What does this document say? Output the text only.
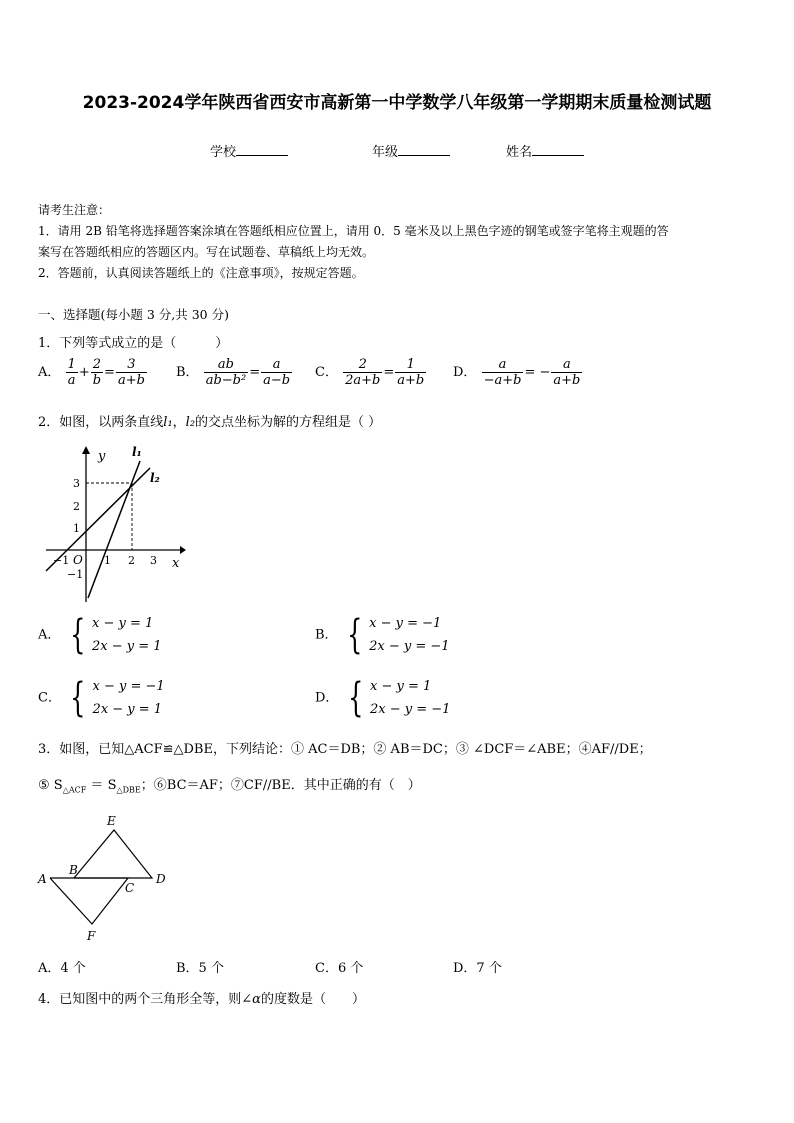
2023-2024学年陕西省西安市高新第一中学数学八年级第一学期期末质量检测试题
学校	年级	姓名
请考生注意：
1．请用 2B 铅笔将选择题答案涂填在答题纸相应位置上，请用 0．5 毫米及以上黑色字迹的钢笔或签字笔将主观题的答
案写在答题纸相应的答题区内。写在试题卷、草稿纸上均无效。
2．答题前，认真阅读答题纸上的《注意事项》，按规定答题。
一、选择题(每小题 3 分,共 30 分)
1．下列等式成立的是（　　　）
A． $\frac{1}{a} + \frac{2}{b} = \frac{3}{a+b}$ B． $\frac{ab}{\text{ab−b²}} = \frac{a}{a-b}$ C． $\frac{2}{2a+b} = \frac{1}{a+b}$ D． $\frac{a}{-a+b}$ = − $\frac{a}{a+b}$
2．如图，以两条直线l₁，l₂的交点坐标为解的方程组是（ ）
y
x
O
−1	1 2 3
3
2
1
−1
l₁
l₂
A． { x − y = 1
2x − y = 1
B． { x − y = −1
2x − y = −1
C． { x − y = −1
2x − y = 1
D． { x − y = 1
2x − y = −1
3．如图，已知△ACF≌△DBE，下列结论：① AC＝DB；② AB＝DC；③ ∠DCF＝∠ABE；④AF//DE；
⑤ $S_{\triangle ACF} = S_{\triangle DBE}$；⑥BC＝AF；⑦CF//BE．其中正确的有（　）
E
A
B
C
D
F
A．4 个	B．5 个	C．6 个	D．7 个
4．已知图中的两个三角形全等，则∠α的度数是（　　）
